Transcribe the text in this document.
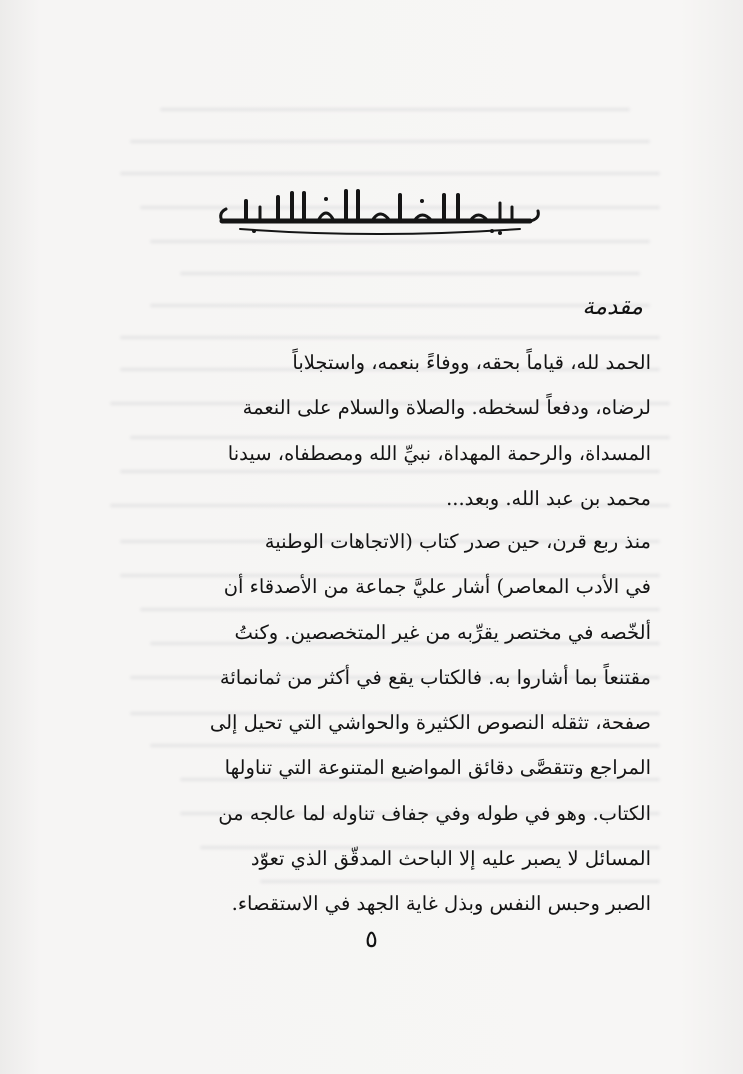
مقدمة
الحمد لله، قياماً بحقه، ووفاءً بنعمه، واستجلاباً
لرضاه، ودفعاً لسخطه. والصلاة والسلام على النعمة
المسداة، والرحمة المهداة، نبيِّ الله ومصطفاه، سيدنا
محمد بن عبد الله. وبعد...
منذ ربع قرن، حين صدر كتاب (الاتجاهات الوطنية
في الأدب المعاصر) أشار عليَّ جماعة من الأصدقاء أن
ألخّصه في مختصر يقرِّبه من غير المتخصصين. وكنتُ
مقتنعاً بما أشاروا به. فالكتاب يقع في أكثر من ثمانمائة
صفحة، تثقله النصوص الكثيرة والحواشي التي تحيل إلى
المراجع وتتقصَّى دقائق المواضيع المتنوعة التي تناولها
الكتاب. وهو في طوله وفي جفاف تناوله لما عالجه من
المسائل لا يصبر عليه إلا الباحث المدقّق الذي تعوّد
الصبر وحبس النفس وبذل غاية الجهد في الاستقصاء.
٥
